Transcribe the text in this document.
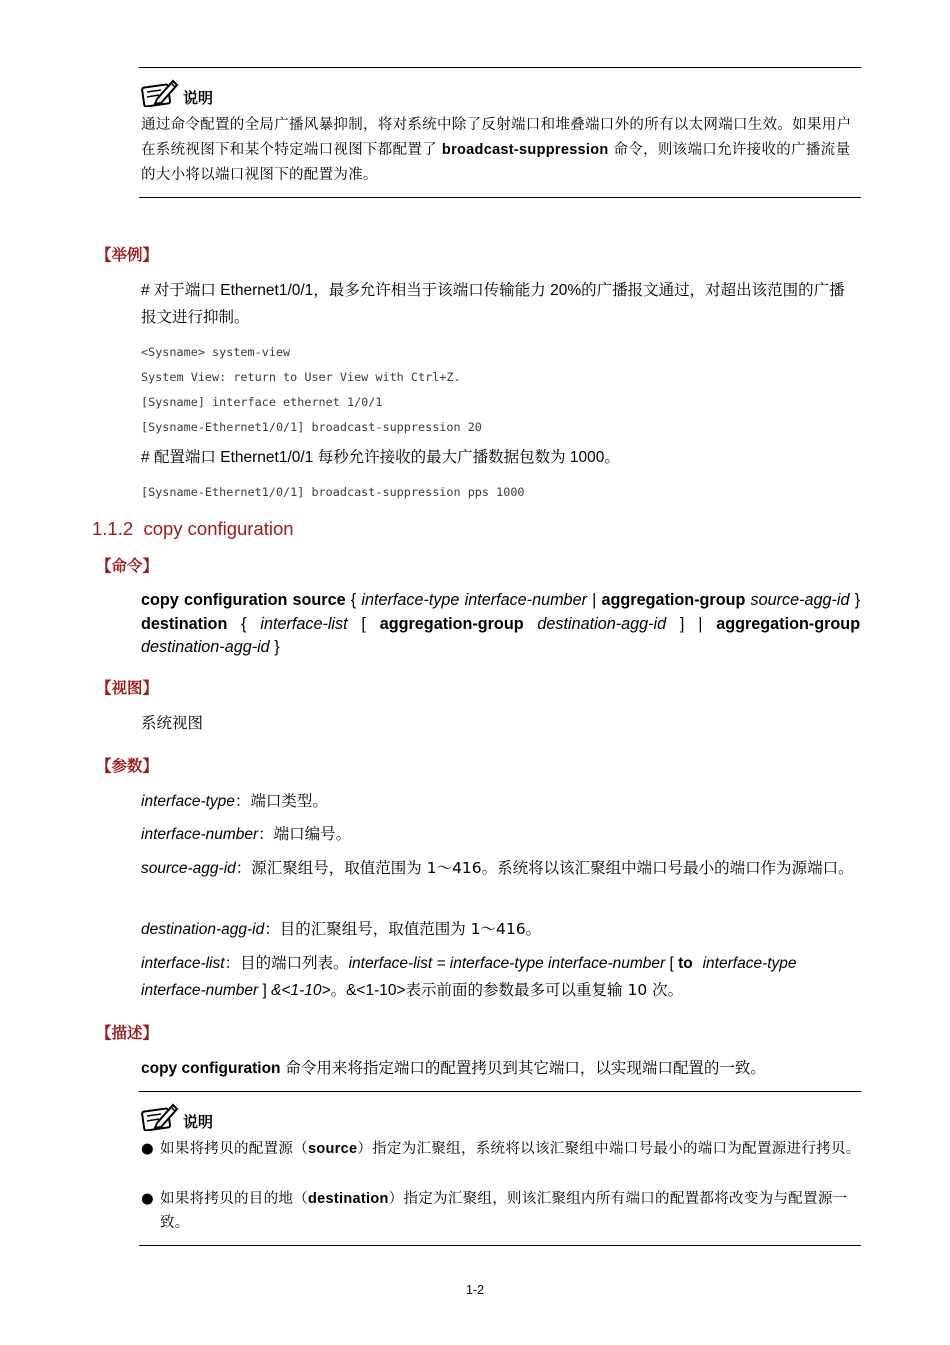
说明
通过命令配置的全局广播风暴抑制，将对系统中除了反射端口和堆叠端口外的所有以太网端口生效。如果用户在系统视图下和某个特定端口视图下都配置了 broadcast-suppression 命令，则该端口允许接收的广播流量的大小将以端口视图下的配置为准。
【举例】
# 对于端口 Ethernet1/0/1，最多允许相当于该端口传输能力 20%的广播报文通过，对超出该范围的广播报文进行抑制。
<Sysname> system-view
System View: return to User View with Ctrl+Z.
[Sysname] interface ethernet 1/0/1
[Sysname-Ethernet1/0/1] broadcast-suppression 20
# 配置端口 Ethernet1/0/1 每秒允许接收的最大广播数据包数为 1000。
[Sysname-Ethernet1/0/1] broadcast-suppression pps 1000
1.1.2 copy configuration
【命令】
copy configuration source { interface-type interface-number | aggregation-group source-agg-id } destination { interface-list [ aggregation-group destination-agg-id ] | aggregation-group destination-agg-id }
【视图】
系统视图
【参数】
interface-type：端口类型。
interface-number：端口编号。
source-agg-id：源汇聚组号，取值范围为 1～416。系统将以该汇聚组中端口号最小的端口作为源端口。
destination-agg-id：目的汇聚组号，取值范围为 1～416。
interface-list：目的端口列表。interface-list = interface-type interface-number [ to interface-type
interface-number ] &<1-10>。&<1-10>表示前面的参数最多可以重复输 10 次。
【描述】
copy configuration 命令用来将指定端口的配置拷贝到其它端口，以实现端口配置的一致。
说明
● 如果将拷贝的配置源（source）指定为汇聚组，系统将以该汇聚组中端口号最小的端口为配置源进行拷贝。
● 如果将拷贝的目的地（destination）指定为汇聚组，则该汇聚组内所有端口的配置都将改变为与配置源一致。
1-2
